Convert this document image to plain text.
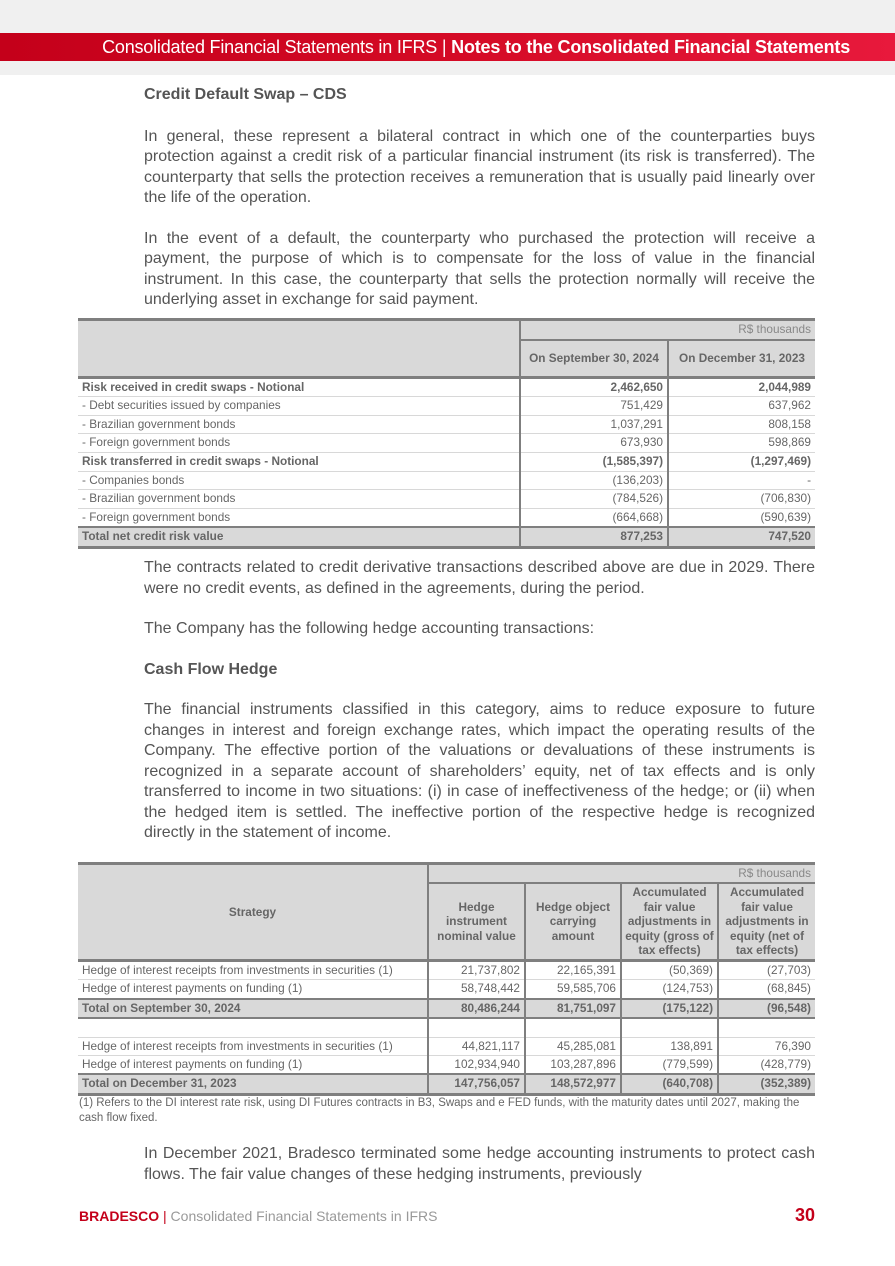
Consolidated Financial Statements in IFRS | Notes to the Consolidated Financial Statements
Credit Default Swap – CDS

In general, these represent a bilateral contract in which one of the counterparties buys protection against a credit risk of a particular financial instrument (its risk is transferred). The counterparty that sells the protection receives a remuneration that is usually paid linearly over the life of the operation.

In the event of a default, the counterparty who purchased the protection will receive a payment, the purpose of which is to compensate for the loss of value in the financial instrument. In this case, the counterparty that sells the protection normally will receive the underlying asset in exchange for said payment.

	R$ thousands	
	On September 30, 2024	On December 31, 2023
Risk received in credit swaps - Notional	2,462,650	2,044,989
- Debt securities issued by companies	751,429	637,962
- Brazilian government bonds	1,037,291	808,158
- Foreign government bonds	673,930	598,869
Risk transferred in credit swaps - Notional	(1,585,397)	(1,297,469)
- Companies bonds	(136,203)	-
- Brazilian government bonds	(784,526)	(706,830)
- Foreign government bonds	(664,668)	(590,639)
Total net credit risk value	877,253	747,520

The contracts related to credit derivative transactions described above are due in 2029. There were no credit events, as defined in the agreements, during the period.

The Company has the following hedge accounting transactions:

Cash Flow Hedge

The financial instruments classified in this category, aims to reduce exposure to future changes in interest and foreign exchange rates, which impact the operating results of the Company. The effective portion of the valuations or devaluations of these instruments is recognized in a separate account of shareholders’ equity, net of tax effects and is only transferred to income in two situations: (i) in case of ineffectiveness of the hedge; or (ii) when the hedged item is settled. The ineffective portion of the respective hedge is recognized directly in the statement of income.

Strategy	R$ thousands			
	Hedge instrument nominal value	Hedge object carrying amount	Accumulated fair value adjustments in equity (gross of tax effects)	Accumulated fair value adjustments in equity (net of tax effects)
Hedge of interest receipts from investments in securities (1)	21,737,802	22,165,391	(50,369)	(27,703)
Hedge of interest payments on funding (1)	58,748,442	59,585,706	(124,753)	(68,845)
Total on September 30, 2024	80,486,244	81,751,097	(175,122)	(96,548)

Hedge of interest receipts from investments in securities (1)	44,821,117	45,285,081	138,891	76,390
Hedge of interest payments on funding (1)	102,934,940	103,287,896	(779,599)	(428,779)
Total on December 31, 2023	147,756,057	148,572,977	(640,708)	(352,389)
(1) Refers to the DI interest rate risk, using DI Futures contracts in B3, Swaps and e FED funds, with the maturity dates until 2027, making the cash flow fixed.

In December 2021, Bradesco terminated some hedge accounting instruments to protect cash flows. The fair value changes of these hedging instruments, previously

BRADESCO | Consolidated Financial Statements in IFRS	30
